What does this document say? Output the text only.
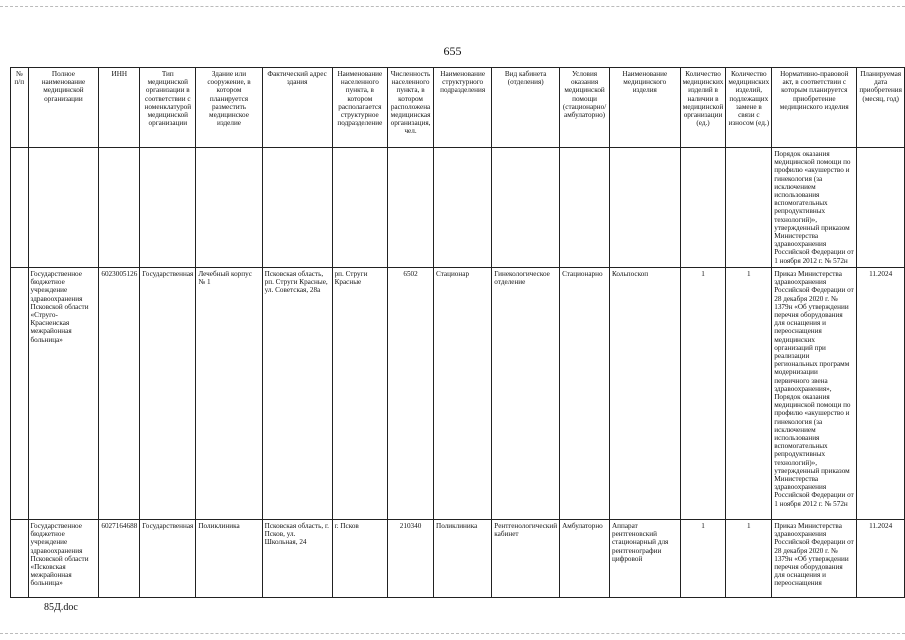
655
№ п/п	Полное наименование медицинской организации	ИНН	Тип медицинской организации в соответствии с номенклатурой медицинской организации	Здание или сооружение, в котором планируется разместить медицинское изделие	Фактический адрес здания	Наименование населенного пункта, в котором располагается структурное подразделение	Численность населенного пункта, в котором расположена медицинская организация, чел.	Наименование структурного подразделения	Вид кабинета (отделения)	Условия оказания медицинской помощи (стационарно/амбулаторно)	Наименование медицинского изделия	Количество медицинских изделий в наличии в медицинской организации (ед.)	Количество медицинских изделий, подлежащих замене в связи с износом (ед.)	Нормативно-правовой акт, в соответствии с которым планируется приобретение медицинского изделия	Планируемая дата приобретения (месяц, год)
														Порядок оказания медицинской помощи по профилю «акушерство и гинекология (за исключением использования вспомогательных репродуктивных технологий)», утвержденный приказом Министерства здравоохранения Российской Федерации от 1 ноября 2012 г. № 572н	
	Государственное бюджетное учреждение здравоохранения Псковской области «Струго-Красненская межрайонная больница»	6023005126	Государственная	Лечебный корпус № 1	Псковская область, рп. Струги Красные, ул. Советская, 28а	рп. Струги Красные	6502	Стационар	Гинекологическое отделение	Стационарно	Кольпоскоп	1	1	Приказ Министерства здравоохранения Российской Федерации от 28 декабря 2020 г. № 1379н «Об утверждении перечня оборудования для оснащения и переоснащения медицинских организаций при реализации региональных программ модернизации первичного звена здравоохранения», Порядок оказания медицинской помощи по профилю «акушерство и гинекология (за исключением использования вспомогательных репродуктивных технологий)», утвержденный приказом Министерства здравоохранения Российской Федерации от 1 ноября 2012 г. № 572н	11.2024
	Государственное бюджетное учреждение здравоохранения Псковской области «Псковская межрайонная больница»	6027164688	Государственная	Поликлиника	Псковская область, г. Псков, ул. Школьная, 24	г. Псков	210340	Поликлиника	Рентгенологический кабинет	Амбулаторно	Аппарат рентгеновский стационарный для рентгенографии цифровой	1	1	Приказ Министерства здравоохранения Российской Федерации от 28 декабря 2020 г. № 1379н «Об утверждении перечня оборудования для оснащения и переоснащения	11.2024
85Д.doc
